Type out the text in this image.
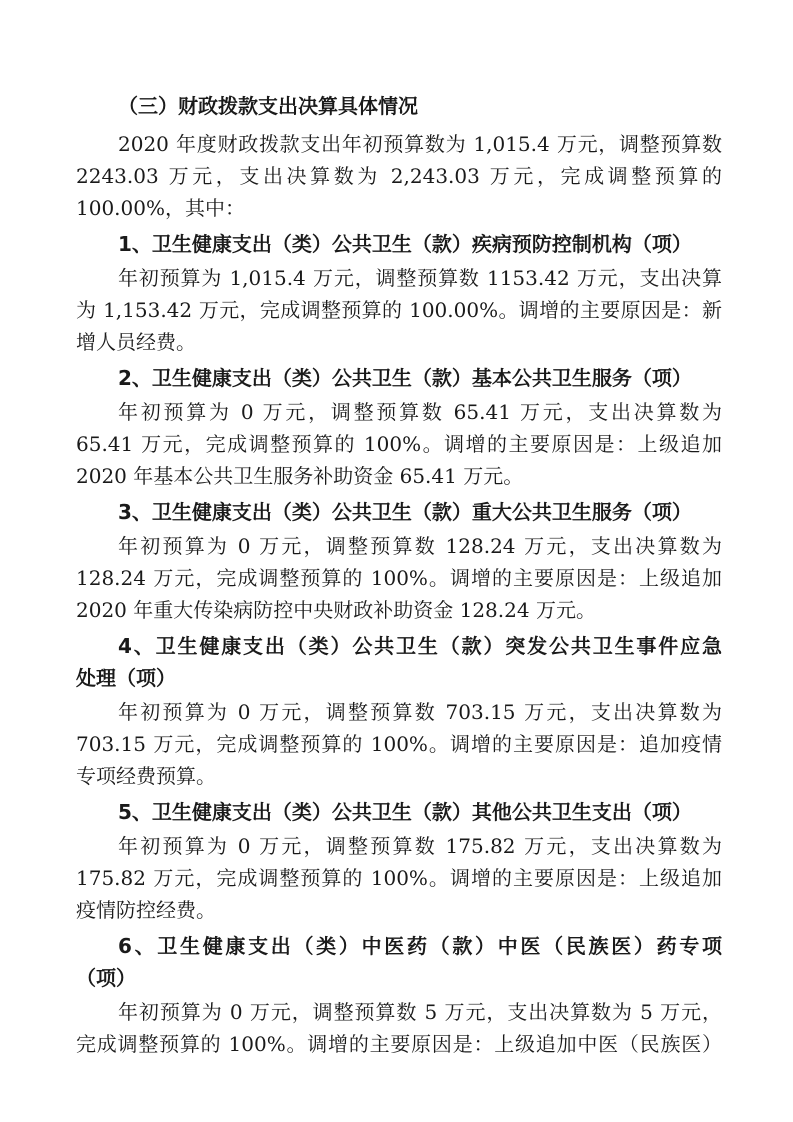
（三）财政拨款支出决算具体情况
2020 年度财政拨款支出年初预算数为 1,015.4 万元，调整预算数
2243.03 万元，支出决算数为 2,243.03 万元，完成调整预算的
100.00%，其中：
1、卫生健康支出（类）公共卫生（款）疾病预防控制机构（项）
年初预算为 1,015.4 万元，调整预算数 1153.42 万元，支出决算
为 1,153.42 万元，完成调整预算的 100.00%。调增的主要原因是：新
增人员经费。
2、卫生健康支出（类）公共卫生（款）基本公共卫生服务（项）
年初预算为 0 万元，调整预算数 65.41 万元，支出决算数为
65.41 万元，完成调整预算的 100%。调增的主要原因是：上级追加
2020 年基本公共卫生服务补助资金 65.41 万元。
3、卫生健康支出（类）公共卫生（款）重大公共卫生服务（项）
年初预算为 0 万元，调整预算数 128.24 万元，支出决算数为
128.24 万元，完成调整预算的 100%。调增的主要原因是：上级追加
2020 年重大传染病防控中央财政补助资金 128.24 万元。
4、卫生健康支出（类）公共卫生（款）突发公共卫生事件应急
处理（项）
年初预算为 0 万元，调整预算数 703.15 万元，支出决算数为
703.15 万元，完成调整预算的 100%。调增的主要原因是：追加疫情
专项经费预算。
5、卫生健康支出（类）公共卫生（款）其他公共卫生支出（项）
年初预算为 0 万元，调整预算数 175.82 万元，支出决算数为
175.82 万元，完成调整预算的 100%。调增的主要原因是：上级追加
疫情防控经费。
6、卫生健康支出（类）中医药（款）中医（民族医）药专项
（项）
年初预算为 0 万元，调整预算数 5 万元，支出决算数为 5 万元，
完成调整预算的 100%。调增的主要原因是：上级追加中医（民族医）
